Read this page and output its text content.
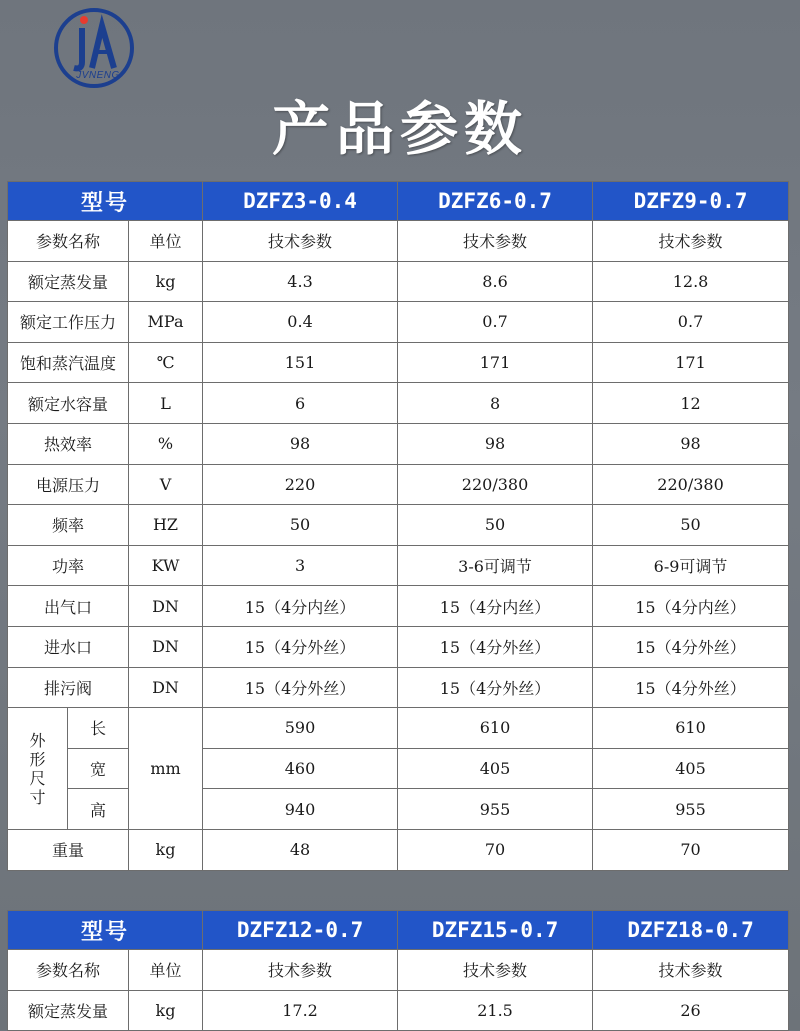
JVNENG
产品参数
型号			DZFZ3-0.4	DZFZ6-0.7	DZFZ9-0.7
参数名称		单位	技术参数	技术参数	技术参数
额定蒸发量		kg	4.3	8.6	12.8
额定工作压力		MPa	0.4	0.7	0.7
饱和蒸汽温度		℃	151	171	171
额定水容量		L	6	8	12
热效率		%	98	98	98
电源压力		V	220	220/380	220/380
频率		HZ	50	50	50
功率		KW	3	3-6可调节	6-9可调节
出气口		DN	15（4分内丝）	15（4分内丝）	15（4分内丝）
进水口		DN	15（4分外丝）	15（4分外丝）	15（4分外丝）
排污阀		DN	15（4分外丝）	15（4分外丝）	15（4分外丝）
外
形
尺
寸	长	mm	590	610	610
	宽		460	405	405
	高		940	955	955
重量		kg	48	70	70
型号		DZFZ12-0.7	DZFZ15-0.7	DZFZ18-0.7
参数名称	单位	技术参数	技术参数	技术参数
额定蒸发量	kg	17.2	21.5	26
